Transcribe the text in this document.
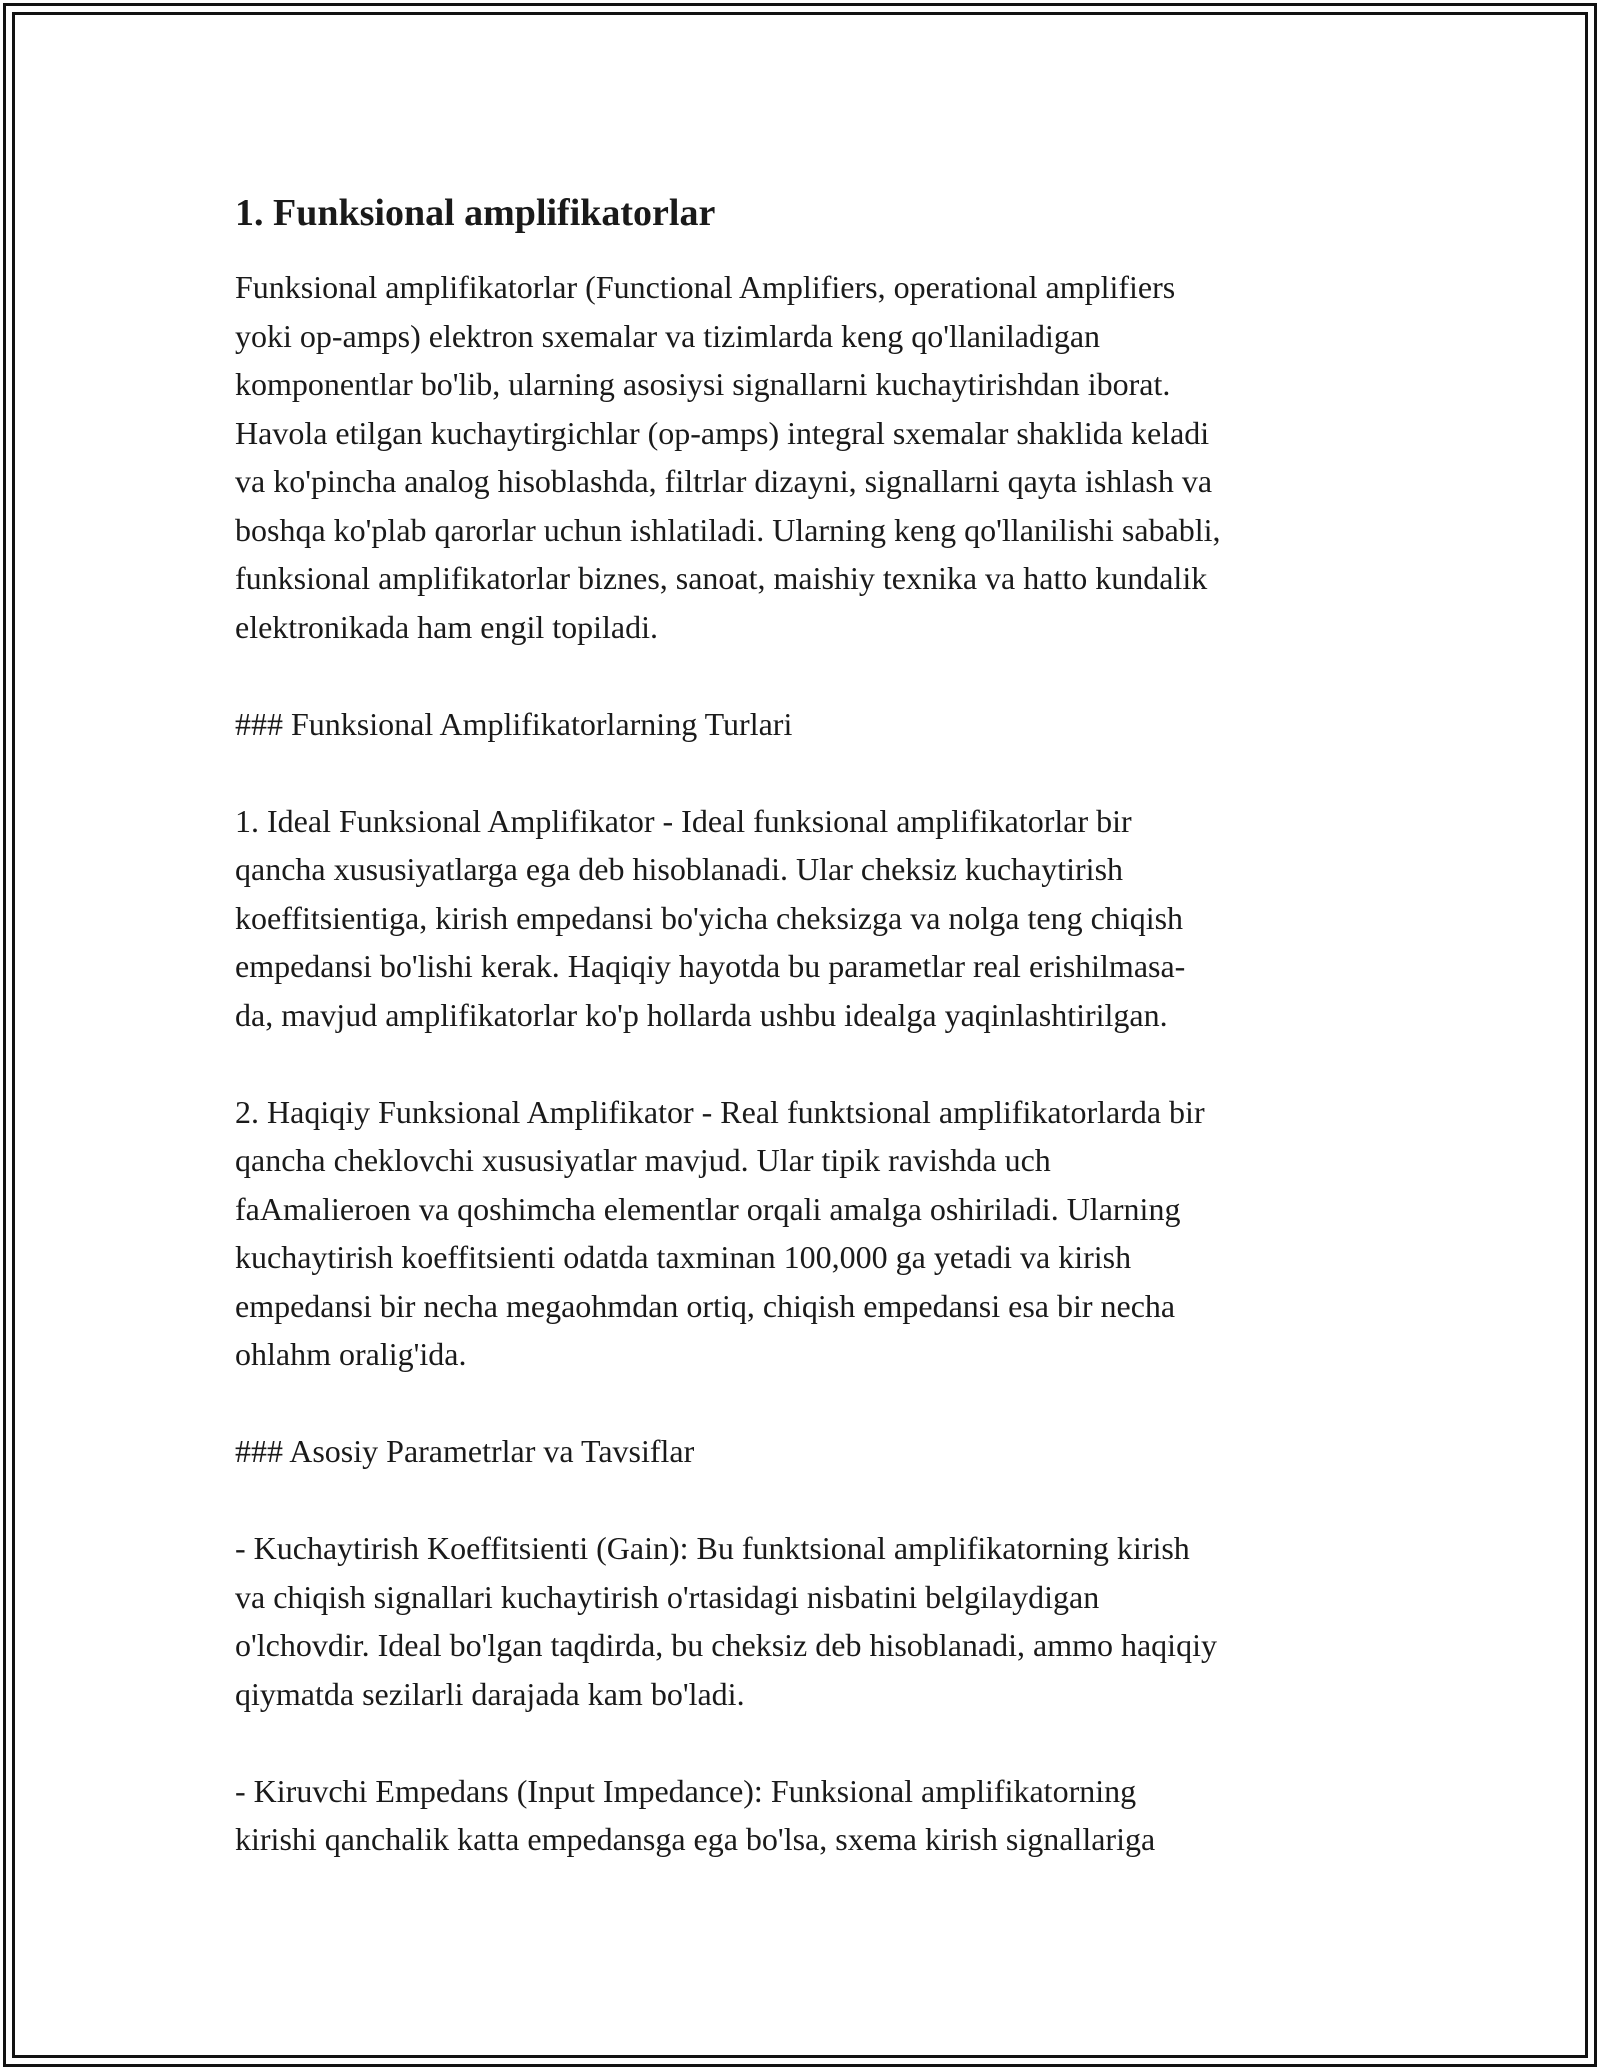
1. Funksional amplifikatorlar
Funksional amplifikatorlar (Functional Amplifiers, operational amplifiers
yoki op-amps) elektron sxemalar va tizimlarda keng qo'llaniladigan
komponentlar bo'lib, ularning asosiysi signallarni kuchaytirishdan iborat.
Havola etilgan kuchaytirgichlar (op-amps) integral sxemalar shaklida keladi
va ko'pincha analog hisoblashda, filtrlar dizayni, signallarni qayta ishlash va
boshqa ko'plab qarorlar uchun ishlatiladi. Ularning keng qo'llanilishi sababli,
funksional amplifikatorlar biznes, sanoat, maishiy texnika va hatto kundalik
elektronikada ham engil topiladi.
### Funksional Amplifikatorlarning Turlari
1. Ideal Funksional Amplifikator - Ideal funksional amplifikatorlar bir
qancha xususiyatlarga ega deb hisoblanadi. Ular cheksiz kuchaytirish
koeffitsientiga, kirish empedansi bo'yicha cheksizga va nolga teng chiqish
empedansi bo'lishi kerak. Haqiqiy hayotda bu parametlar real erishilmasa-
da, mavjud amplifikatorlar ko'p hollarda ushbu idealga yaqinlashtirilgan.
2. Haqiqiy Funksional Amplifikator - Real funktsional amplifikatorlarda bir
qancha cheklovchi xususiyatlar mavjud. Ular tipik ravishda uch
faAmalieroen va qoshimcha elementlar orqali amalga oshiriladi. Ularning
kuchaytirish koeffitsienti odatda taxminan 100,000 ga yetadi va kirish
empedansi bir necha megaohmdan ortiq, chiqish empedansi esa bir necha
ohlahm oralig'ida.
### Asosiy Parametrlar va Tavsiflar
- Kuchaytirish Koeffitsienti (Gain): Bu funktsional amplifikatorning kirish
va chiqish signallari kuchaytirish o'rtasidagi nisbatini belgilaydigan
o'lchovdir. Ideal bo'lgan taqdirda, bu cheksiz deb hisoblanadi, ammo haqiqiy
qiymatda sezilarli darajada kam bo'ladi.
- Kiruvchi Empedans (Input Impedance): Funksional amplifikatorning
kirishi qanchalik katta empedansga ega bo'lsa, sxema kirish signallariga
